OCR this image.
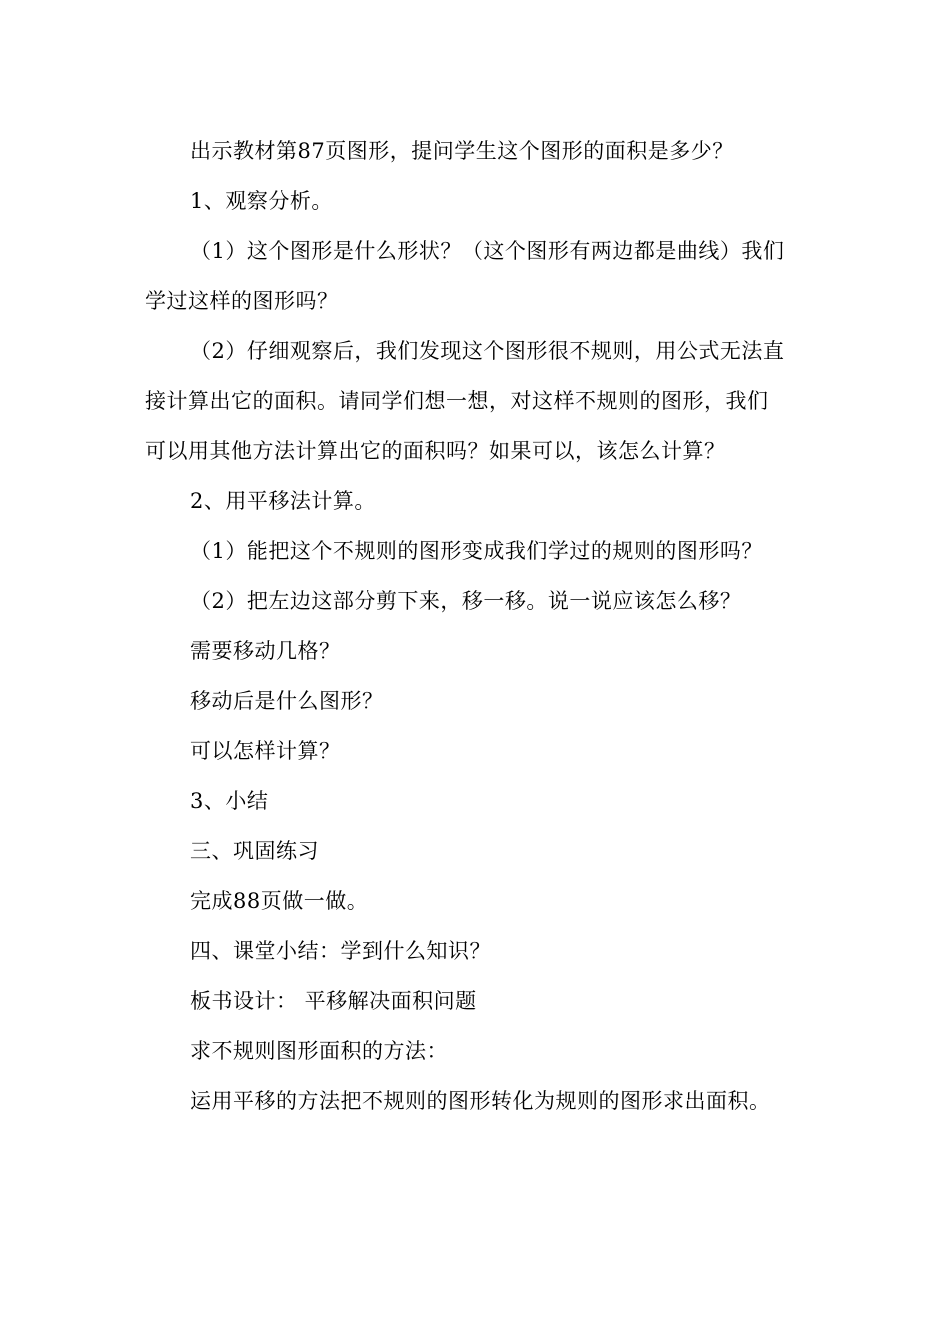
出示教材第87页图形，提问学生这个图形的面积是多少？
1、观察分析。
（1）这个图形是什么形状？（这个图形有两边都是曲线）我们
学过这样的图形吗？
（2）仔细观察后，我们发现这个图形很不规则，用公式无法直
接计算出它的面积。请同学们想一想，对这样不规则的图形，我们
可以用其他方法计算出它的面积吗？如果可以，该怎么计算？
2、用平移法计算。
（1）能把这个不规则的图形变成我们学过的规则的图形吗？
（2）把左边这部分剪下来，移一移。说一说应该怎么移？
需要移动几格？
移动后是什么图形？
可以怎样计算？
3、小结
三、巩固练习
完成88页做一做。
四、课堂小结：学到什么知识？
板书设计： 平移解决面积问题
求不规则图形面积的方法：
运用平移的方法把不规则的图形转化为规则的图形求出面积。
